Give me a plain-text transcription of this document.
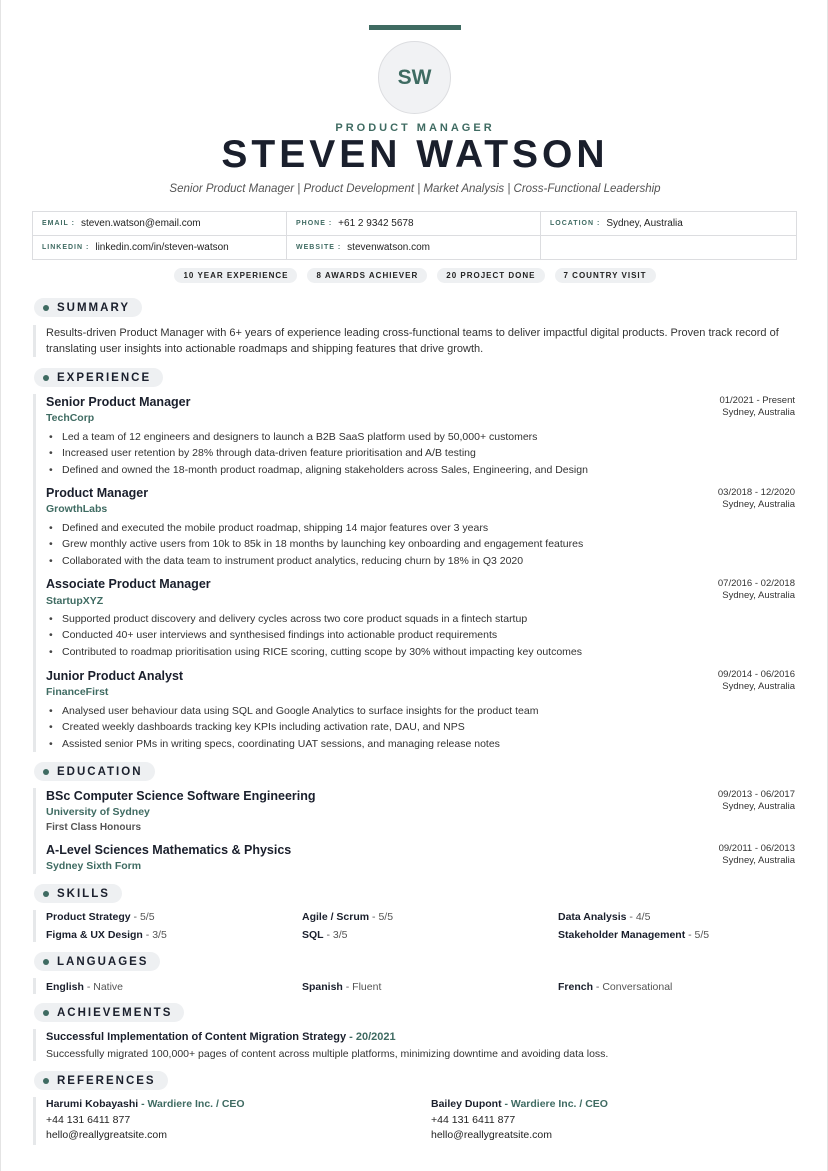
SW
PRODUCT MANAGER
STEVEN WATSON
Senior Product Manager | Product Development | Market Analysis | Cross-Functional Leadership
EMAIL : steven.watson@email.com	PHONE : +61 2 9342 5678	LOCATION : Sydney, Australia
LINKEDIN : linkedin.com/in/steven-watson	WEBSITE : stevenwatson.com
10 YEAR EXPERIENCE	8 AWARDS ACHIEVER	20 PROJECT DONE	7 COUNTRY VISIT
SUMMARY
Results-driven Product Manager with 6+ years of experience leading cross-functional teams to deliver impactful digital products. Proven track record of translating user insights into actionable roadmaps and shipping features that drive growth.
EXPERIENCE
Senior Product Manager
TechCorp
01/2021 - Present
Sydney, Australia
• Led a team of 12 engineers and designers to launch a B2B SaaS platform used by 50,000+ customers
• Increased user retention by 28% through data-driven feature prioritisation and A/B testing
• Defined and owned the 18-month product roadmap, aligning stakeholders across Sales, Engineering, and Design
Product Manager
GrowthLabs
03/2018 - 12/2020
Sydney, Australia
• Defined and executed the mobile product roadmap, shipping 14 major features over 3 years
• Grew monthly active users from 10k to 85k in 18 months by launching key onboarding and engagement features
• Collaborated with the data team to instrument product analytics, reducing churn by 18% in Q3 2020
Associate Product Manager
StartupXYZ
07/2016 - 02/2018
Sydney, Australia
• Supported product discovery and delivery cycles across two core product squads in a fintech startup
• Conducted 40+ user interviews and synthesised findings into actionable product requirements
• Contributed to roadmap prioritisation using RICE scoring, cutting scope by 30% without impacting key outcomes
Junior Product Analyst
FinanceFirst
09/2014 - 06/2016
Sydney, Australia
• Analysed user behaviour data using SQL and Google Analytics to surface insights for the product team
• Created weekly dashboards tracking key KPIs including activation rate, DAU, and NPS
• Assisted senior PMs in writing specs, coordinating UAT sessions, and managing release notes
EDUCATION
BSc Computer Science Software Engineering
University of Sydney
First Class Honours
09/2013 - 06/2017
Sydney, Australia
A-Level Sciences Mathematics & Physics
Sydney Sixth Form
09/2011 - 06/2013
Sydney, Australia
SKILLS
Product Strategy - 5/5	Agile / Scrum - 5/5	Data Analysis - 4/5
Figma & UX Design - 3/5	SQL - 3/5	Stakeholder Management - 5/5
LANGUAGES
English - Native	Spanish - Fluent	French - Conversational
ACHIEVEMENTS
Successful Implementation of Content Migration Strategy - 20/2021
Successfully migrated 100,000+ pages of content across multiple platforms, minimizing downtime and avoiding data loss.
REFERENCES
Harumi Kobayashi - Wardiere Inc. / CEO
+44 131 6411 877
hello@reallygreatsite.com
Bailey Dupont - Wardiere Inc. / CEO
+44 131 6411 877
hello@reallygreatsite.com
